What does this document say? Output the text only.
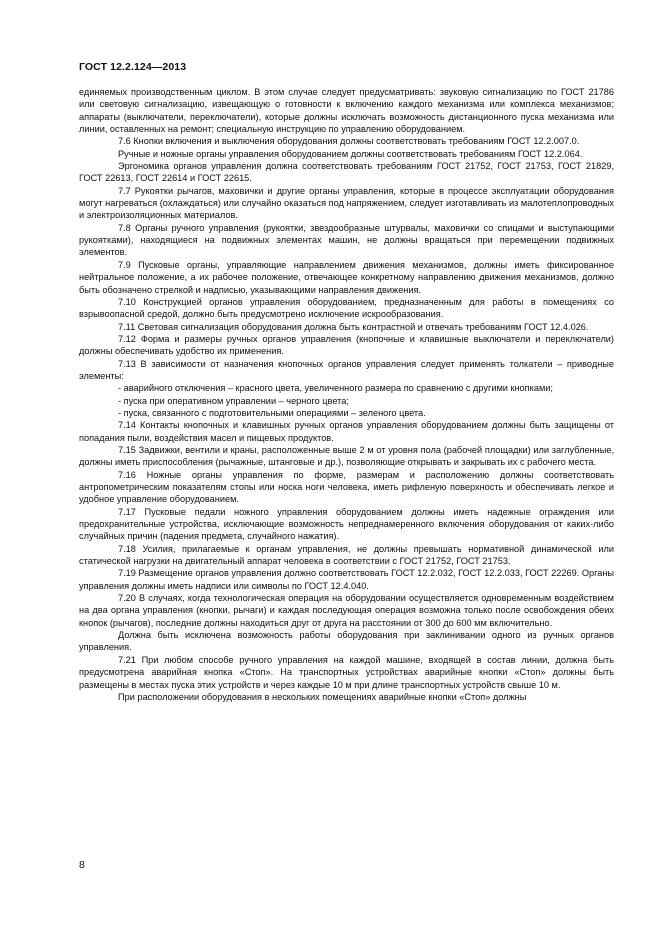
ГОСТ 12.2.124—2013

единяемых производственным циклом. В этом случае следует предусматривать: звуковую сигнализацию по ГОСТ 21786 или световую сигнализацию, извещающую о готовности к включению каждого механизма или комплекса механизмов; аппараты (выключатели, переключатели), которые должны исключать возможность дистанционного пуска механизма или линии, оставленных на ремонт; специальную инструкцию по управлению оборудованием.

7.6 Кнопки включения и выключения оборудования должны соответствовать требованиям ГОСТ 12.2.007.0.

Ручные и ножные органы управления оборудованием должны соответствовать требованиям ГОСТ 12.2.064.

Эргономика органов управления должна соответствовать требованиям ГОСТ 21752, ГОСТ 21753, ГОСТ 21829, ГОСТ 22613, ГОСТ 22614 и ГОСТ 22615.

7.7 Рукоятки рычагов, маховички и другие органы управления, которые в процессе эксплуатации оборудования могут нагреваться (охлаждаться) или случайно оказаться под напряжением, следует изготавливать из малотеплопроводных и электроизоляционных материалов.

7.8 Органы ручного управления (рукоятки, звездообразные штурвалы, маховички со спицами и выступающими рукоятками), находящиеся на подвижных элементах машин, не должны вращаться при перемещении подвижных элементов.

7.9 Пусковые органы, управляющие направлением движения механизмов, должны иметь фиксированное нейтральное положение, а их рабочее положение, отвечающее конкретному направлению движения механизмов, должно быть обозначено стрелкой и надписью, указывающими направления движения.

7.10 Конструкцией органов управления оборудованием, предназначенным для работы в помещениях со взрывоопасной средой, должно быть предусмотрено исключение искрообразования.

7.11 Световая сигнализация оборудования должна быть контрастной и отвечать требованиям ГОСТ 12.4.026.

7.12 Форма и размеры ручных органов управления (кнопочные и клавишные выключатели и переключатели) должны обеспечивать удобство их применения.

7.13 В зависимости от назначения кнопочных органов управления следует применять толкатели – приводные элементы:

- аварийного отключения – красного цвета, увеличенного размера по сравнению с другими кнопками;

- пуска при оперативном управлении – черного цвета;

- пуска, связанного с подготовительными операциями – зеленого цвета.

7.14 Контакты кнопочных и клавишных ручных органов управления оборудованием должны быть защищены от попадания пыли, воздействия масел и пищевых продуктов.

7.15 Задвижки, вентили и краны, расположенные выше 2 м от уровня пола (рабочей площадки) или заглубленные, должны иметь приспособления (рычажные, штанговые и др.), позволяющие открывать и закрывать их с рабочего места.

7.16 Ножные органы управления по форме, размерам и расположению должны соответствовать антропометрическим показателям стопы или носка ноги человека, иметь рифленую поверхность и обеспечивать легкое и удобное управление оборудованием.

7.17 Пусковые педали ножного управления оборудованием должны иметь надежные ограждения или предохранительные устройства, исключающие возможность непреднамеренного включения оборудования от каких-либо случайных причин (падения предмета, случайного нажатия).

7.18 Усилия, прилагаемые к органам управления, не должны превышать нормативной динамической или статической нагрузки на двигательный аппарат человека в соответствии с ГОСТ 21752, ГОСТ 21753.

7.19 Размещение органов управления должно соответствовать ГОСТ 12.2.032, ГОСТ 12.2.033, ГОСТ 22269. Органы управления должны иметь надписи или символы по ГОСТ 12.4.040.

7.20 В случаях, когда технологическая операция на оборудовании осуществляется одновременным воздействием на два органа управления (кнопки, рычаги) и каждая последующая операция возможна только после освобождения обеих кнопок (рычагов), последние должны находиться друг от друга на расстоянии от 300 до 600 мм включительно.

Должна быть исключена возможность работы оборудования при заклинивании одного из ручных органов управления.

7.21 При любом способе ручного управления на каждой машине, входящей в состав линии, должна быть предусмотрена аварийная кнопка «Стоп». На транспортных устройствах аварийные кнопки «Стоп» должны быть размещены в местах пуска этих устройств и через каждые 10 м при длине транспортных устройств свыше 10 м.

При расположении оборудования в нескольких помещениях аварийные кнопки «Стоп» должны

8
